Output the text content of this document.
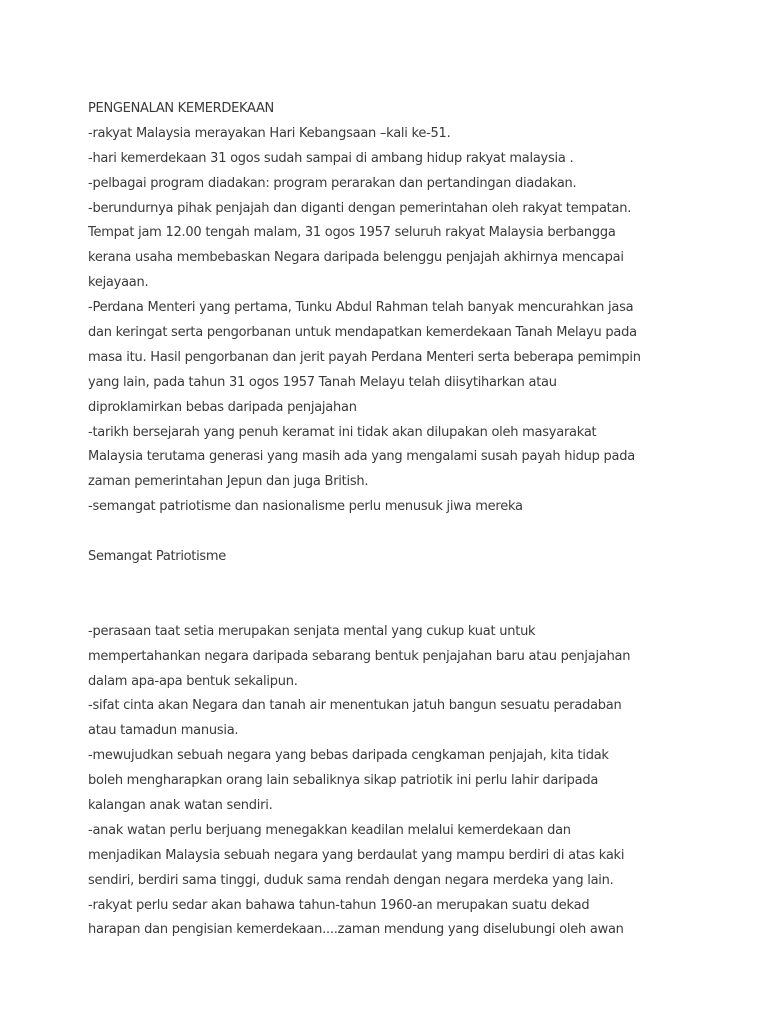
PENGENALAN KEMERDEKAAN
-rakyat Malaysia merayakan Hari Kebangsaan –kali ke-51.
-hari kemerdekaan 31 ogos sudah sampai di ambang hidup rakyat malaysia .
-pelbagai program diadakan: program perarakan dan pertandingan diadakan.
-berundurnya pihak penjajah dan diganti dengan pemerintahan oleh rakyat tempatan.
Tempat jam 12.00 tengah malam, 31 ogos 1957 seluruh rakyat Malaysia berbangga
kerana usaha membebaskan Negara daripada belenggu penjajah akhirnya mencapai
kejayaan.
-Perdana Menteri yang pertama, Tunku Abdul Rahman telah banyak mencurahkan jasa
dan keringat serta pengorbanan untuk mendapatkan kemerdekaan Tanah Melayu pada
masa itu. Hasil pengorbanan dan jerit payah Perdana Menteri serta beberapa pemimpin
yang lain, pada tahun 31 ogos 1957 Tanah Melayu telah diisytiharkan atau
diproklamirkan bebas daripada penjajahan
-tarikh bersejarah yang penuh keramat ini tidak akan dilupakan oleh masyarakat
Malaysia terutama generasi yang masih ada yang mengalami susah payah hidup pada
zaman pemerintahan Jepun dan juga British.
-semangat patriotisme dan nasionalisme perlu menusuk jiwa mereka
Semangat Patriotisme
-perasaan taat setia merupakan senjata mental yang cukup kuat untuk
mempertahankan negara daripada sebarang bentuk penjajahan baru atau penjajahan
dalam apa-apa bentuk sekalipun.
-sifat cinta akan Negara dan tanah air menentukan jatuh bangun sesuatu peradaban
atau tamadun manusia.
-mewujudkan sebuah negara yang bebas daripada cengkaman penjajah, kita tidak
boleh mengharapkan orang lain sebaliknya sikap patriotik ini perlu lahir daripada
kalangan anak watan sendiri.
-anak watan perlu berjuang menegakkan keadilan melalui kemerdekaan dan
menjadikan Malaysia sebuah negara yang berdaulat yang mampu berdiri di atas kaki
sendiri, berdiri sama tinggi, duduk sama rendah dengan negara merdeka yang lain.
-rakyat perlu sedar akan bahawa tahun-tahun 1960-an merupakan suatu dekad
harapan dan pengisian kemerdekaan....zaman mendung yang diselubungi oleh awan
